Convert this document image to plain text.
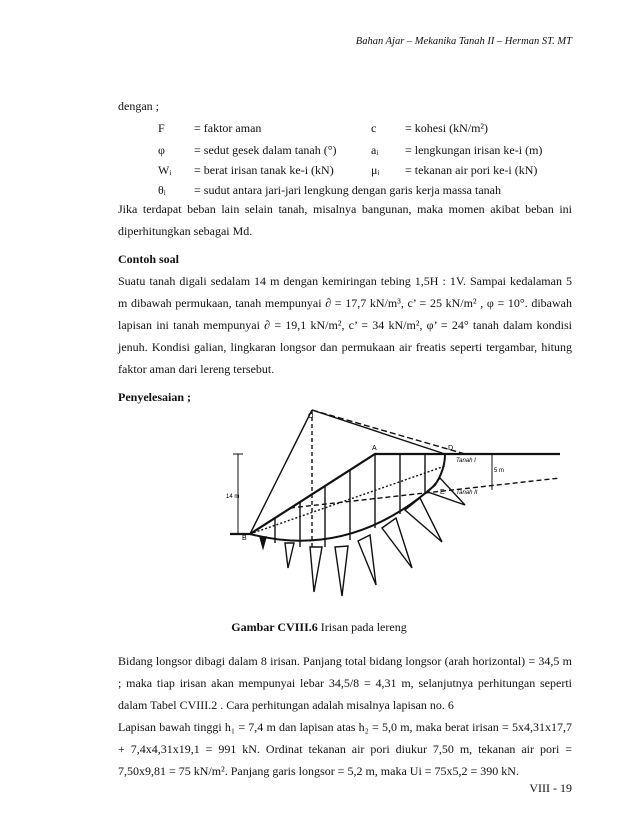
Bahan Ajar – Mekanika Tanah II – Herman ST. MT
dengan ;
F = faktor aman	c = kohesi (kN/m²)
φ = sedut gesek dalam tanah (°)	aᵢ = lengkungan irisan ke-i (m)
Wᵢ = berat irisan tanak ke-i (kN)	μᵢ = tekanan air pori ke-i (kN)
θᵢ = sudut antara jari-jari lengkung dengan garis kerja massa tanah
Jika terdapat beban lain selain tanah, misalnya bangunan, maka momen akibat beban ini
diperhitungkan sebagai Md.
Contoh soal
Suatu tanah digali sedalam 14 m dengan kemiringan tebing 1,5H : 1V. Sampai kedalaman 5
m dibawah permukaan, tanah mempunyai ∂ = 17,7 kN/m³, c’ = 25 kN/m² , φ = 10°. dibawah
lapisan ini tanah mempunyai ∂ = 19,1 kN/m², c’ = 34 kN/m², φ’ = 24° tanah dalam kondisi
jenuh. Kondisi galian, lingkaran longsor dan permukaan air freatis seperti tergambar, hitung
faktor aman dari lereng tersebut.
Penyelesaian ;
14 m
5 m
Tanah I
Tanah II
A
B
O
D
E
Gambar CVIII.6 Irisan pada lereng
Bidang longsor dibagi dalam 8 irisan. Panjang total bidang longsor (arah horizontal) = 34,5 m
; maka tiap irisan akan mempunyai lebar 34,5/8 = 4,31 m, selanjutnya perhitungan seperti
dalam Tabel CVIII.2 . Cara perhitungan adalah misalnya lapisan no. 6
Lapisan bawah tinggi h₁ = 7,4 m dan lapisan atas h₂ = 5,0 m, maka berat irisan = 5x4,31x17,7
+ 7,4x4,31x19,1 = 991 kN. Ordinat tekanan air pori diukur 7,50 m, tekanan air pori =
7,50x9,81 = 75 kN/m². Panjang garis longsor = 5,2 m, maka Ui = 75x5,2 = 390 kN.
VIII - 19
